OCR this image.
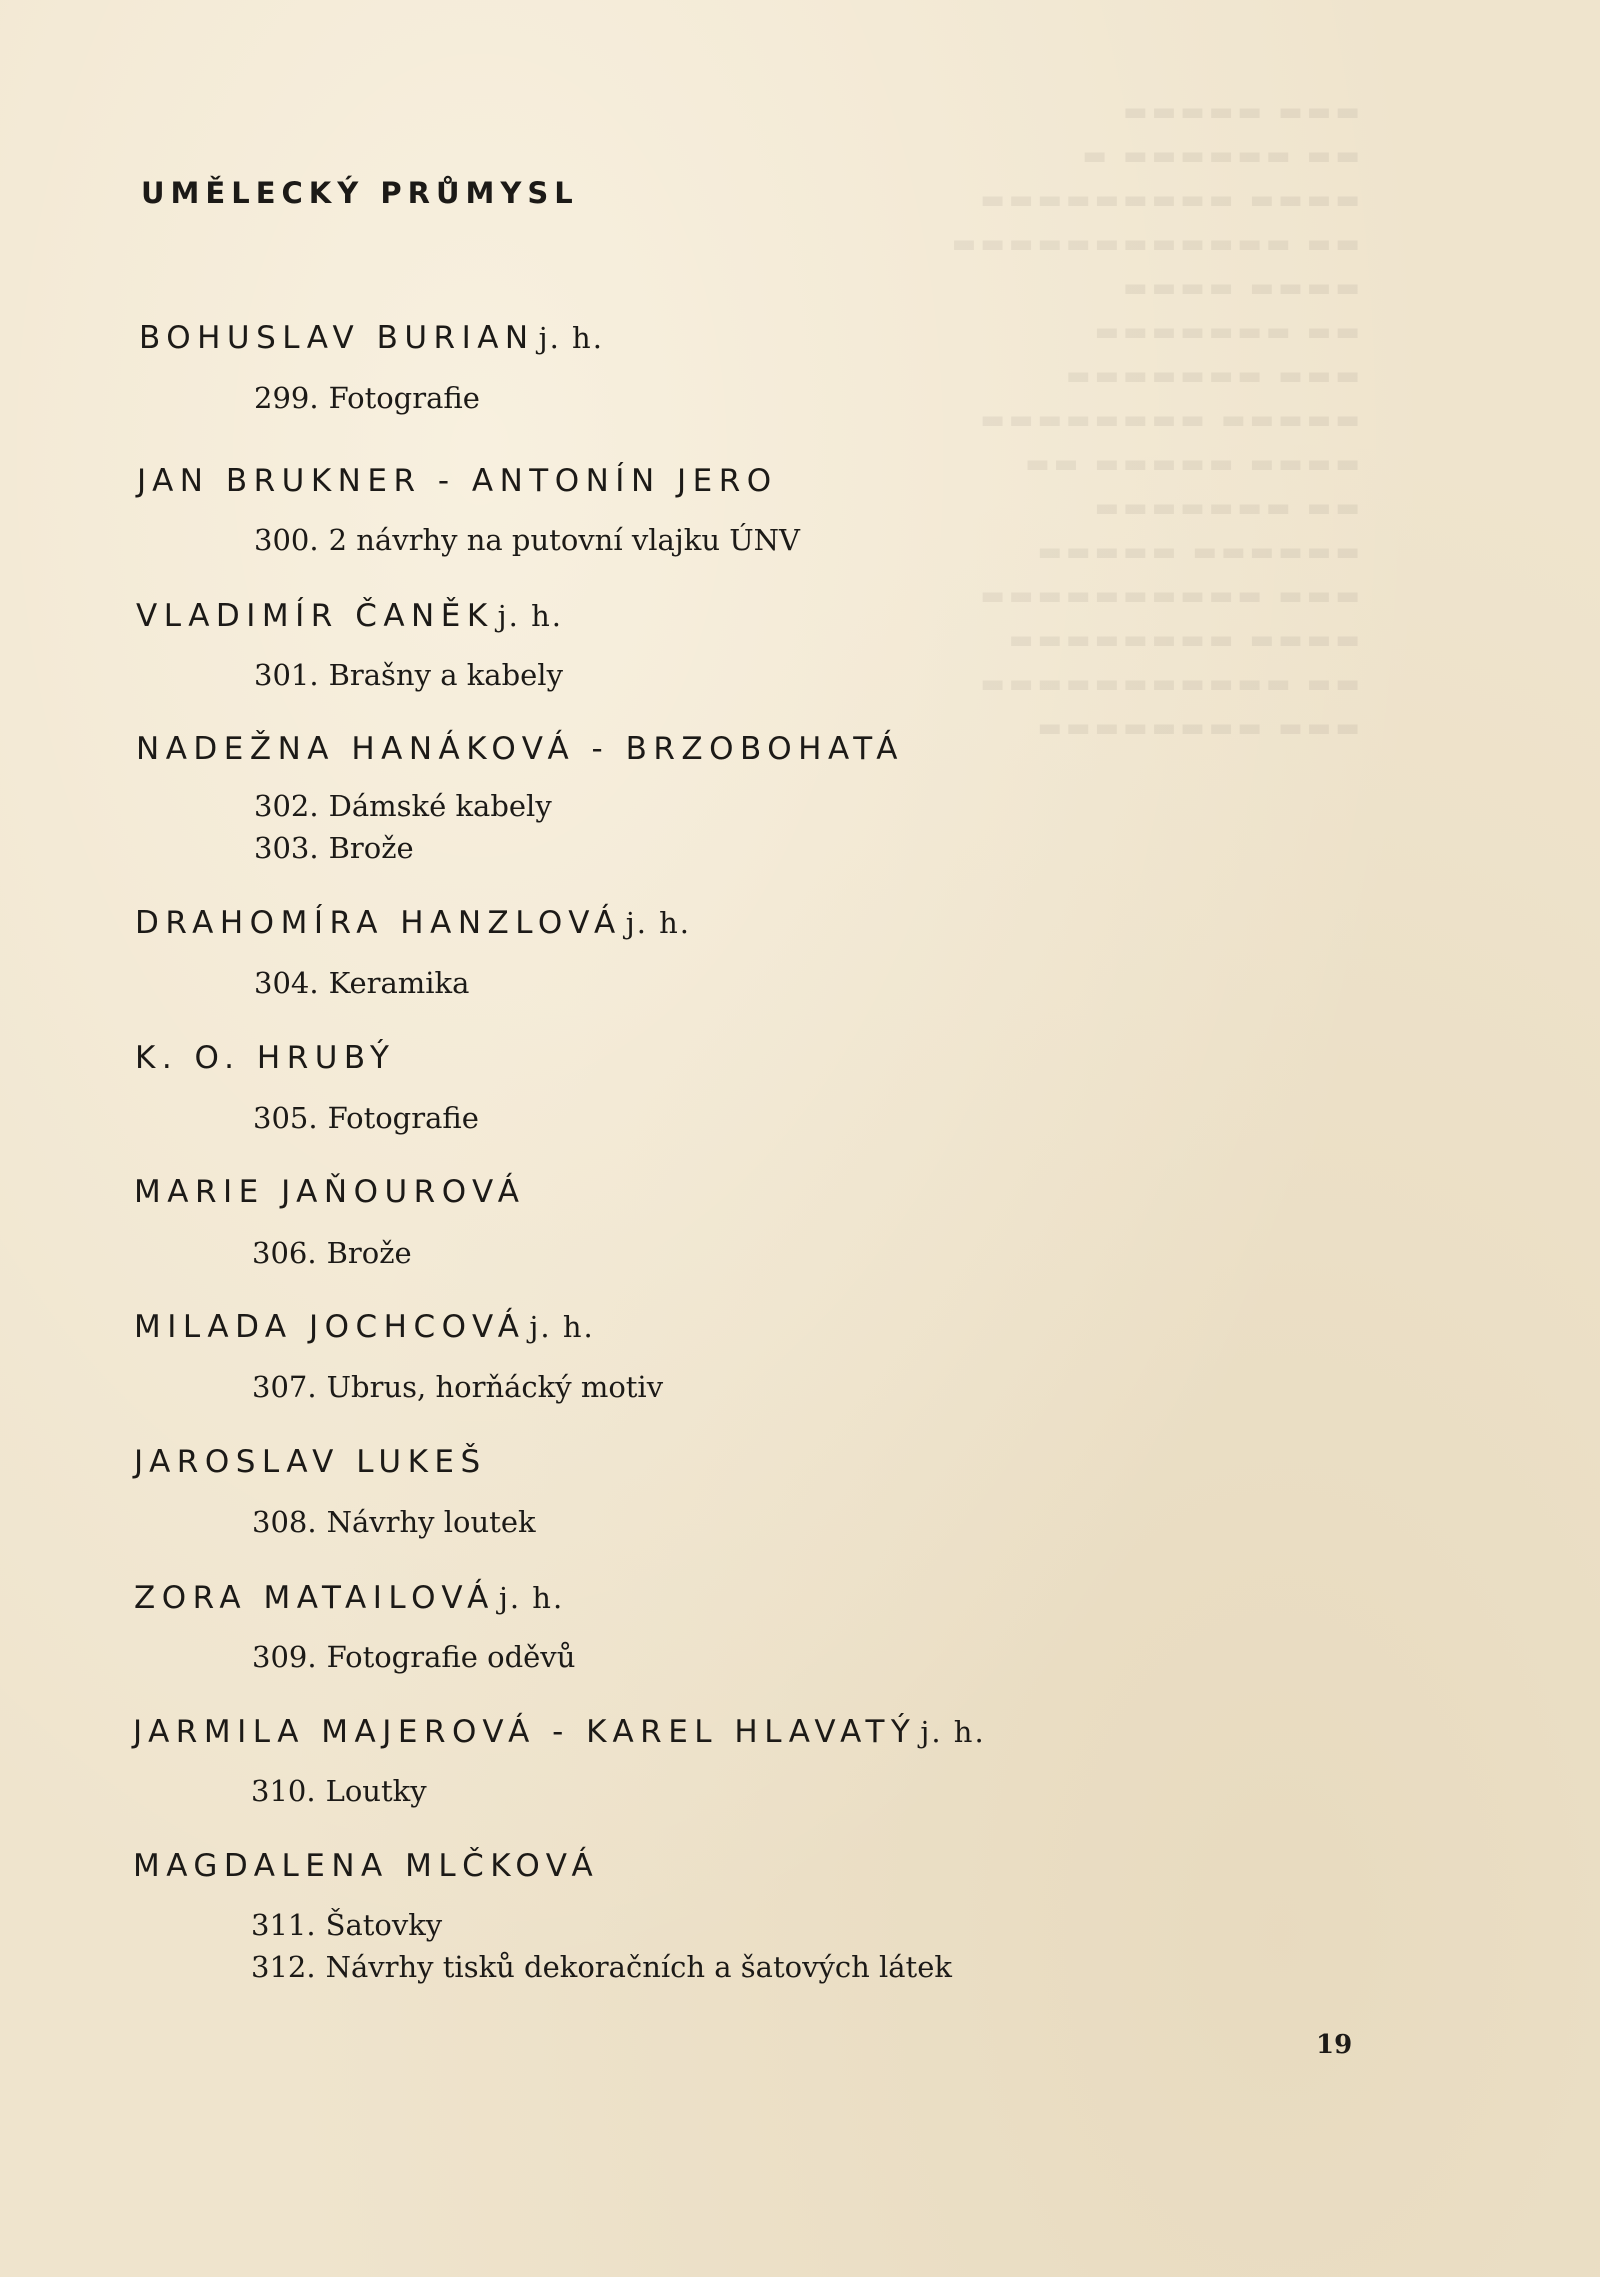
UMĚLECKÝ PRŮMYSL
BOHUSLAV BURIAN j. h.
299. Fotografie
JAN BRUKNER - ANTONÍN JERO
300. 2 návrhy na putovní vlajku ÚNV
VLADIMÍR ČANĚK j. h.
301. Brašny a kabely
NADEŽNA HANÁKOVÁ - BRZOBOHATÁ
302. Dámské kabely
303. Brože
DRAHOMÍRA HANZLOVÁ j. h.
304. Keramika
K. O. HRUBÝ
305. Fotografie
MARIE JAŇOUROVÁ
306. Brože
MILADA JOCHCOVÁ j. h.
307. Ubrus, horňácký motiv
JAROSLAV LUKEŠ
308. Návrhy loutek
ZORA MATAILOVÁ j. h.
309. Fotografie oděvů
JARMILA MAJEROVÁ - KAREL HLAVATÝ j. h.
310. Loutky
MAGDALENA MLČKOVÁ
311. Šatovky
312. Návrhy tisků dekoračních a šatových látek
19
